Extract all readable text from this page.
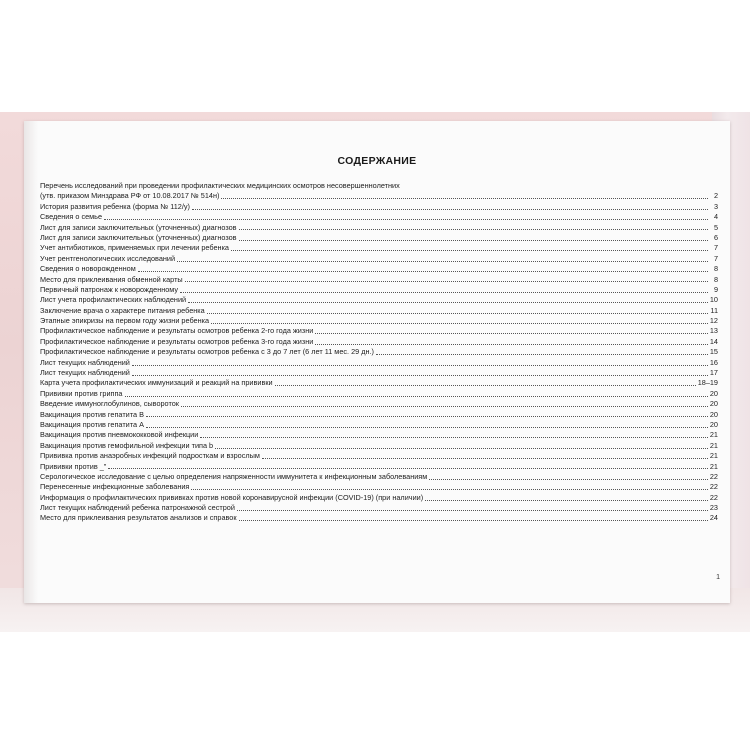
СОДЕРЖАНИЕ
Перечень исследований при проведении профилактических медицинских осмотров несовершеннолетних
(утв. приказом Минздрава РФ от 10.08.2017 № 514н)	2
История развития ребенка (форма № 112/у)	3
Сведения о семье	4
Лист для записи заключительных (уточненных) диагнозов	5
Лист для записи заключительных (уточненных) диагнозов	6
Учет антибиотиков, применяемых при лечении ребенка	7
Учет рентгенологических исследований	7
Сведения о новорожденном	8
Место для приклеивания обменной карты	8
Первичный патронаж к новорожденному	9
Лист учета профилактических наблюдений	10
Заключение врача о характере питания ребенка	11
Этапные эпикризы на первом году жизни ребенка	12
Профилактическое наблюдение и результаты осмотров ребенка 2-го года жизни	13
Профилактическое наблюдение и результаты осмотров ребенка 3-го года жизни	14
Профилактическое наблюдение и результаты осмотров ребенка с 3 до 7 лет (6 лет 11 мес. 29 дн.)	15
Лист текущих наблюдений	16
Лист текущих наблюдений	17
Карта учета профилактических иммунизаций и реакций на прививки	18–19
Прививки против гриппа	20
Введение иммуноглобулинов, сывороток	20
Вакцинация против гепатита В	20
Вакцинация против гепатита А	20
Вакцинация против пневмококковой инфекции	21
Вакцинация против гемофильной инфекции типа b	21
Прививка против анаэробных инфекций подросткам и взрослым	21
Прививки против _"	21
Серологическое исследование с целью определения напряженности иммунитета к инфекционным заболеваниям	22
Перенесенные инфекционные заболевания	22
Информация о профилактических прививках против новой коронавирусной инфекции (COVID-19) (при наличии)	22
Лист текущих наблюдений ребенка патронажной сестрой	23
Место для приклеивания результатов анализов и справок	24
1
